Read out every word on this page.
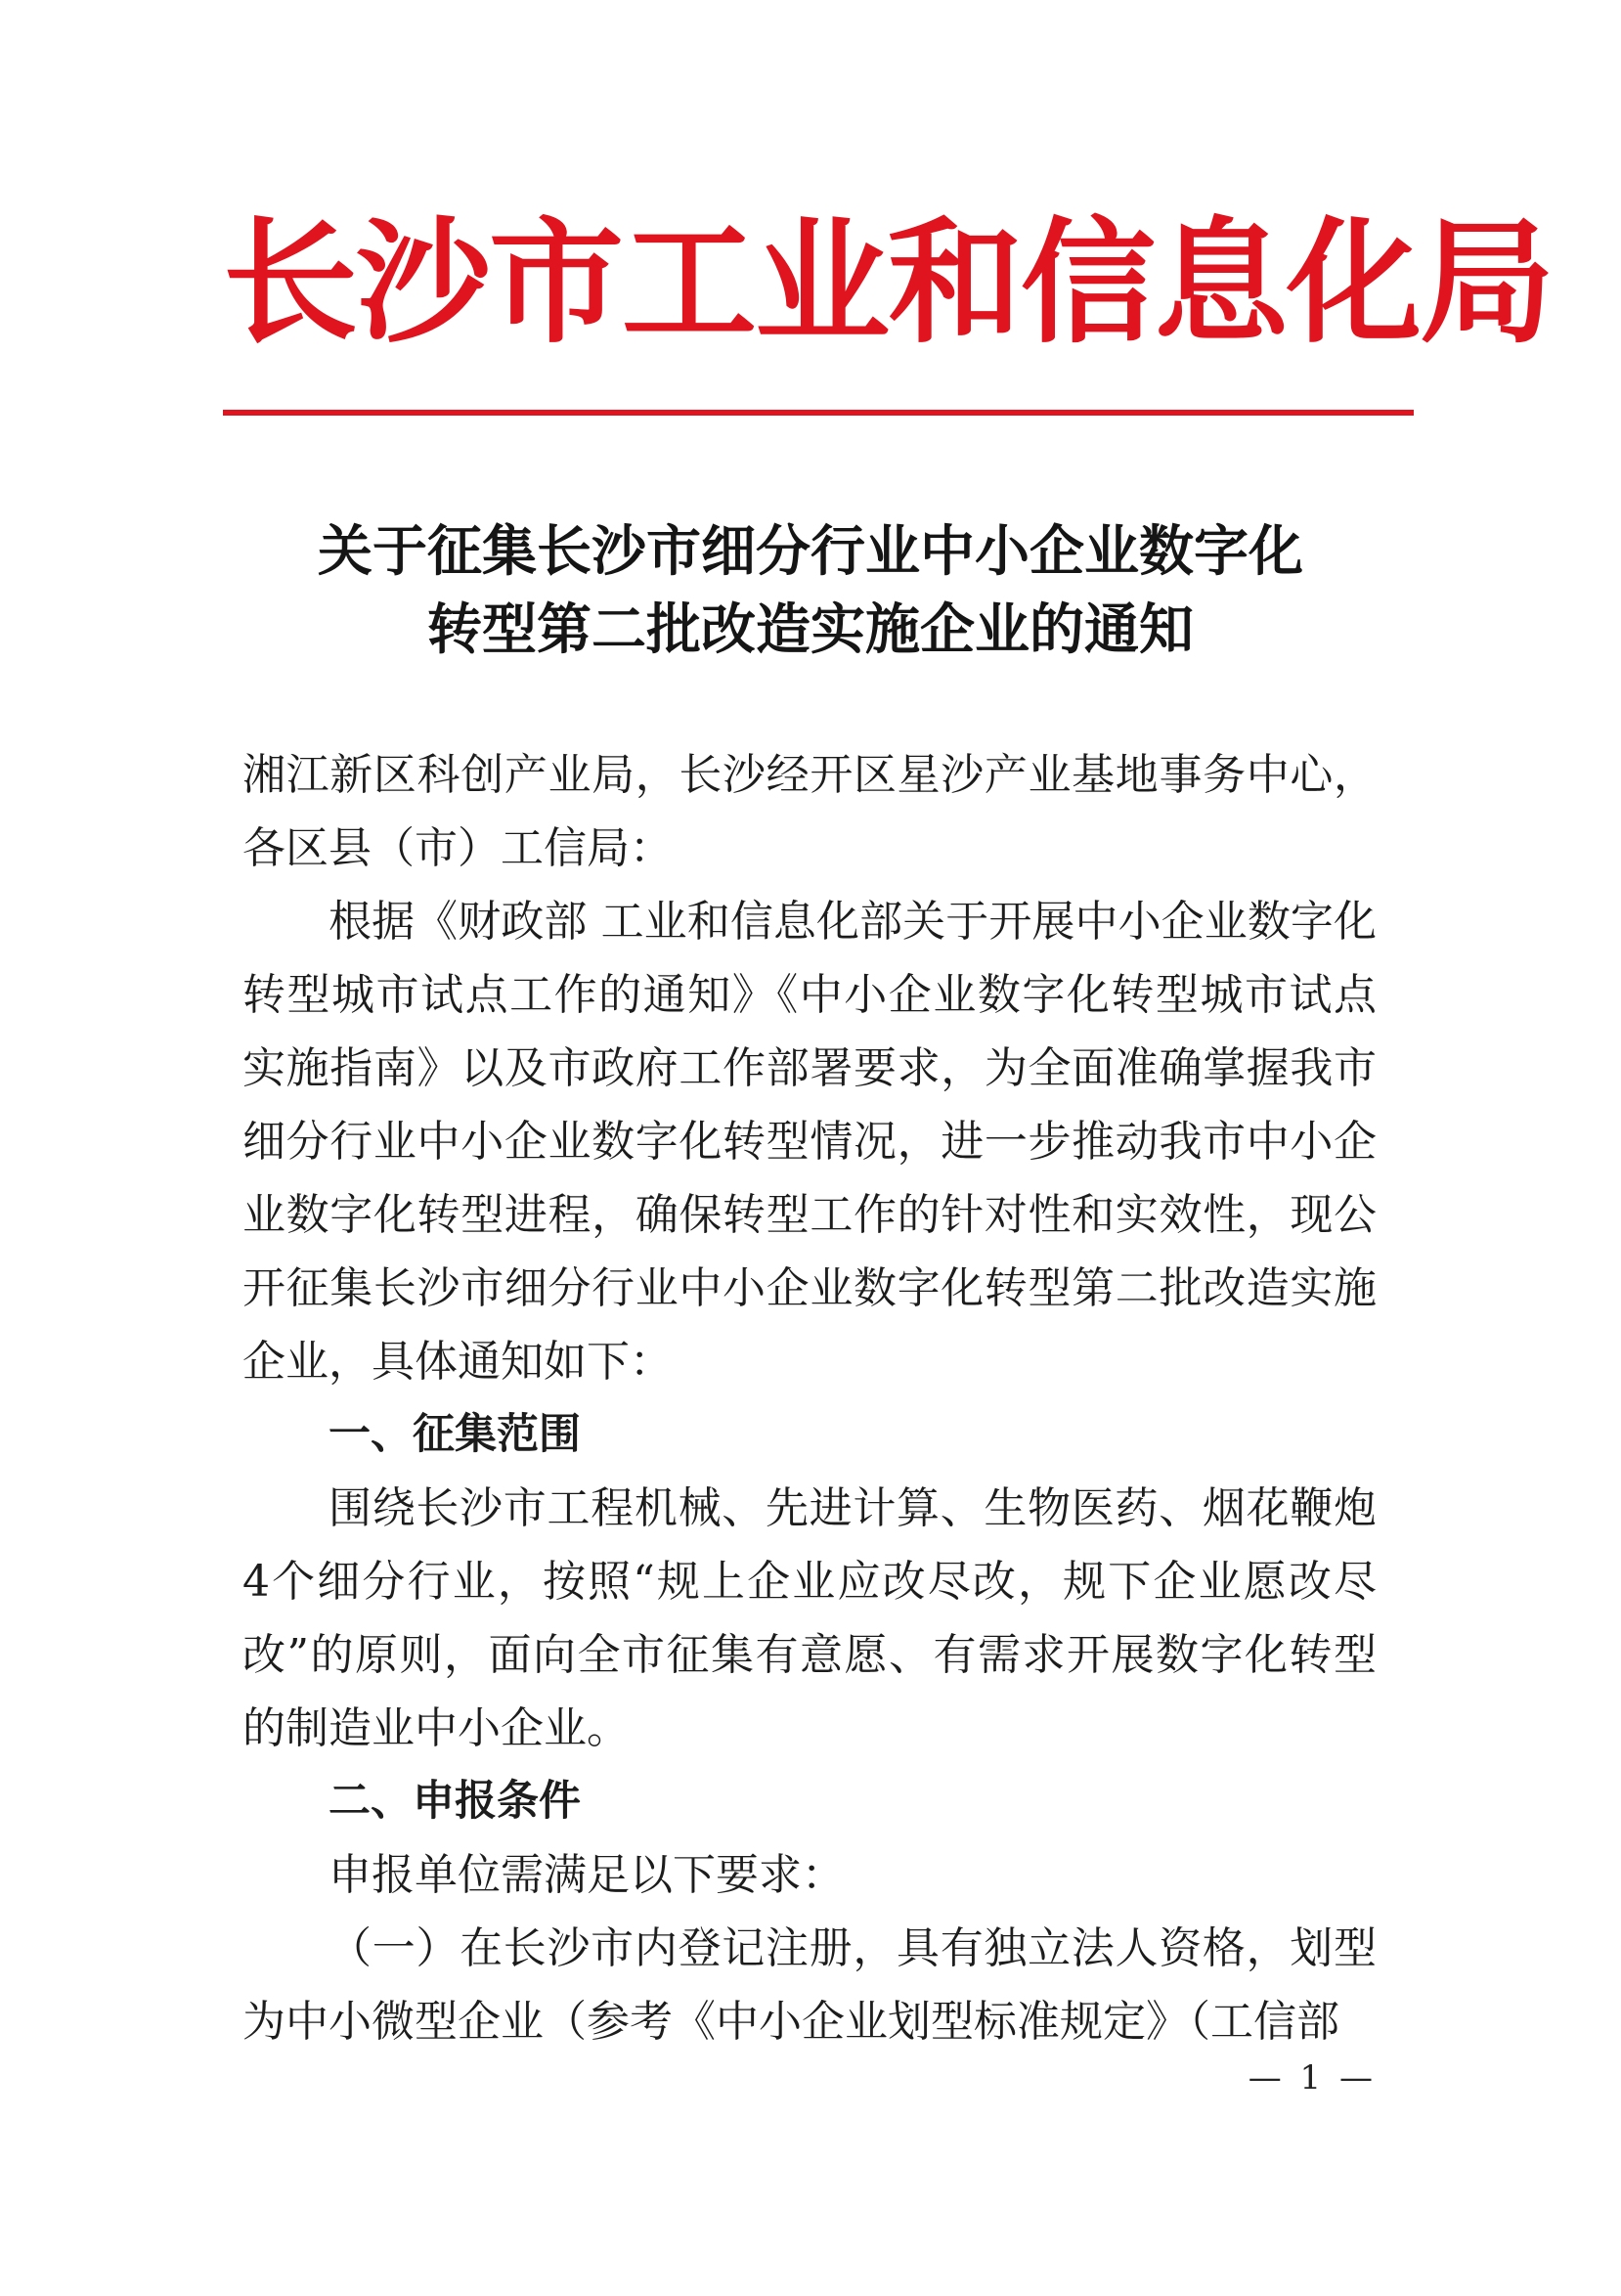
长沙市工业和信息化局
关于征集长沙市细分行业中小企业数字化
转型第二批改造实施企业的通知

湘江新区科创产业局，长沙经开区星沙产业基地事务中心，各区县（市）工信局：

根据《财政部 工业和信息化部关于开展中小企业数字化转型城市试点工作的通知》《中小企业数字化转型城市试点实施指南》以及市政府工作部署要求，为全面准确掌握我市细分行业中小企业数字化转型情况，进一步推动我市中小企业数字化转型进程，确保转型工作的针对性和实效性，现公开征集长沙市细分行业中小企业数字化转型第二批改造实施企业，具体通知如下：

一、征集范围

围绕长沙市工程机械、先进计算、生物医药、烟花鞭炮4个细分行业，按照“规上企业应改尽改，规下企业愿改尽改”的原则，面向全市征集有意愿、有需求开展数字化转型的制造业中小企业。

二、申报条件

申报单位需满足以下要求：

（一）在长沙市内登记注册，具有独立法人资格，划型为中小微型企业（参考《中小企业划型标准规定》（工信部

— 1 —
